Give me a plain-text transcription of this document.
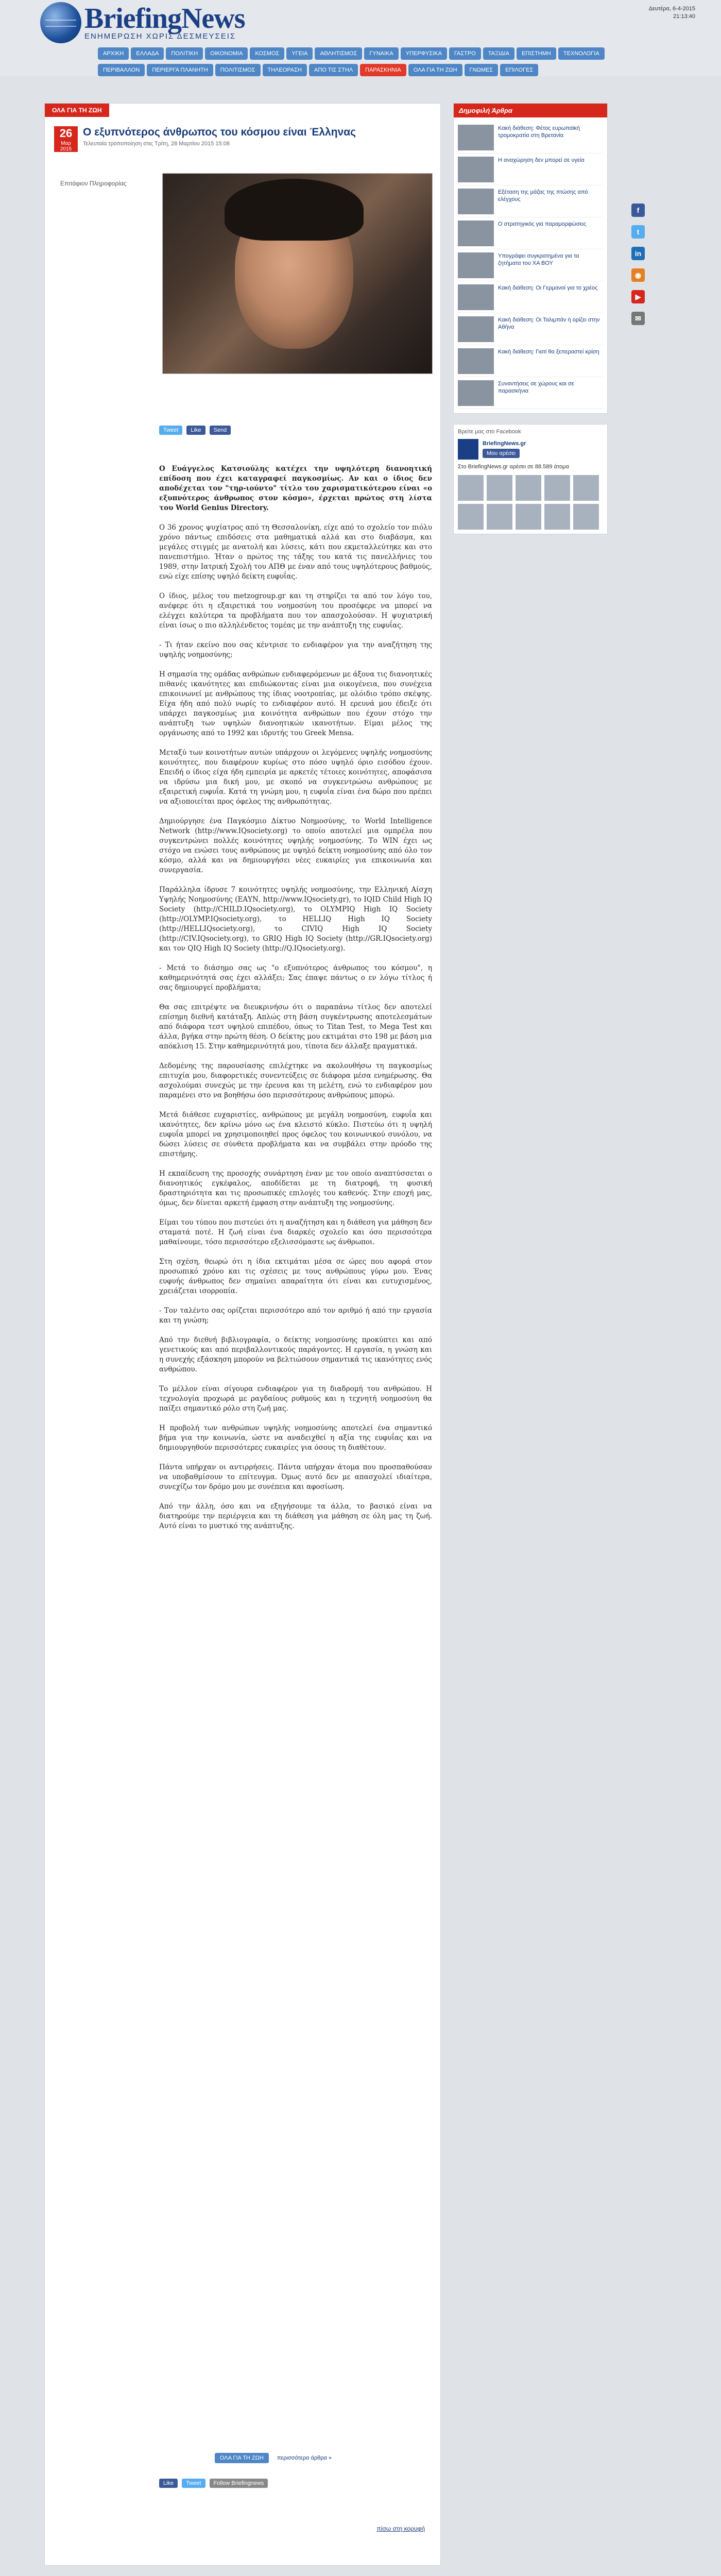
BriefingNews
ΕΝΗΜΕΡΩΣΗ ΧΩΡΙΣ ΔΕΣΜΕΥΣΕΙΣ
Δευτέρα, 6-4-2015
21:13:40
ΑΡΧΙΚΗ	ΕΛΛΑΔΑ	ΠΟΛΙΤΙΚΗ	ΟΙΚΟΝΟΜΙΑ	ΚΟΣΜΟΣ	ΥΓΕΙΑ	ΑΘΛΗΤΙΣΜΟΣ	ΓΥΝΑΙΚΑ	ΥΠΕΡΦΥΣΙΚΑ	ΓΑΣΤΡΟ	ΤΑΞΙΔΙΑ	ΕΠΙΣΤΗΜΗ	ΤΕΧΝΟΛΟΓΙΑ
ΠΕΡΙΒΑΛΛΟΝ	ΠΕΡΙΕΡΓΑ ΠΛΑΝΗΤΗ	ΠΟΛΙΤΙΣΜΟΣ	ΤΗΛΕΟΡΑΣΗ	ΑΠΟ ΤΙΣ ΣΤΗΛ	ΠΑΡΑΣΚΗΝΙΑ	ΟΛΑ ΓΙΑ ΤΗ ΖΩΗ	ΓΝΩΜΕΣ	ΕΠΙΛΟΓΕΣ
ΟΛΑ ΓΙΑ ΤΗ ΖΩΗ
26
Μαρ
2015
Ο εξυπνότερος άνθρωπος του κόσμου είναι Έλληνας
Τελευταία τροποποίηση στις Τρίτη, 28 Μαρτίου 2015 15:08
Επιτάφιον Πληροφορίας
Tweet	Like	Send

Ο Ευάγγελος Κατσιούλης κατέχει την υψηλότερη διανοητική επίδοση που έχει καταγραφεί παγκοσμίως. Αν και ο ίδιος δεν αποδέχεται τον "τηρ-ιούντο" τίτλο του χαρισματικότερου είναι «ο εξυπνότερος άνθρωπος στον κόσμο», έρχεται πρώτος στη λίστα του World Genius Directory.

Ο 36 χρονος ψυχίατρος από τη Θεσσαλονίκη, είχε από το σχολείο τον πιόλυ χρόνο πάντως επιδόσεις στα μαθηματικά αλλά και στο διαβάσμα, και μεγάλες στιγμές με ανατολή και λύσεις, κάτι που εκμεταλλεύτηκε και στο πανεπιστήμιο. Ήταν ο πρώτος της τάξης του κατά τις πανελλήνιες του 1989, στην Ιατρική Σχολή του ΑΠΘ με έναν από τους υψηλότερους βαθμούς, ενώ είχε επίσης υψηλό δείκτη ευφυΐας.

Ο ίδιος, μέλος του metzogroup.gr και τη στηρίζει τα από τον λόγο του, ανέφερε ότι η εξαιρετικά του νοημοσύνη του προσέφερε να μπορεί να ελέγχει καλύτερα τα προβλήματα που τον απασχολούσαν. Η ψυχιατρική είναι ίσως ο πιο αλληλένδετος τομέας με την ανάπτυξη της ευφυΐας.

- Τι ήταν εκείνο που σας κέντρισε το ενδιαφέρον για την αναζήτηση της υψηλής νοημοσύνης;

Η σημασία της ομάδας ανθρώπων ενδιαφερόμενων με άξονα τις διανοητικές πιθανές ικανότητες και επιδιώκοντας είναι μια οικογένεια, που συνέχεια επικοινωνεί με ανθρώπους της ίδιας νοοτροπίας, με ολόιδιο τρόπο σκέψης. Είχα ήδη από πολύ νωρίς το ενδιαφέρον αυτό. Η ερευνά μου έδειξε ότι υπάρχει παγκοσμίως μια κοινότητα ανθρώπων που έχουν στόχο την ανάπτυξη των υψηλών διανοητικών ικανοτήτων. Είμαι μέλος της οργάνωσης από το 1992 και ιδρυτής του Greek Mensa.

Μεταξύ των κοινοτήτων αυτών υπάρχουν οι λεγόμενες υψηλής νοημοσύνης κοινότητες, που διαφέρουν κυρίως στο πόσο υψηλό όριο εισόδου έχουν. Επειδή ο ίδιος είχα ήδη εμπειρία με αρκετές τέτοιες κοινότητες, αποφάσισα να ιδρύσω μια δική μου, με σκοπό να συγκεντρώσω ανθρώπους με εξαιρετική ευφυΐα. Κατά τη γνώμη μου, η ευφυΐα είναι ένα δώρο που πρέπει να αξιοποιείται προς όφελος της ανθρωπότητας.

Δημιούργησε ένα Παγκόσμιο Δίκτυο Νοημοσύνης, το World Intelligence Network (http://www.IQsociety.org) το οποίο αποτελεί μια ομπρέλα που συγκεντρώνει πολλές κοινότητες υψηλής νοημοσύνης. Το WIN έχει ως στόχο να ενώσει τους ανθρώπους με υψηλό δείκτη νοημοσύνης από όλο τον κόσμο, αλλά και να δημιουργήσει νέες ευκαιρίες για επικοινωνία και συνεργασία.

Παράλληλα ίδρυσε 7 κοινότητες υψηλής νοημοσύνης, την Ελληνική Αίσχη Υψηλής Νοημοσύνης (ΕΑΥΝ, http://www.IQsociety.gr), το IQID Child High IQ Society (http://CHILD.IQsociety.org), το OLYMPIQ High IQ Society (http://OLYMP.IQsociety.org), το HELLIQ High IQ Society (http://HELLIQsociety.org), το CIVIQ High IQ Society (http://CIV.IQsociety.org), το GRIQ High IQ Society (http://GR.IQsociety.org) και τον QIQ High IQ Society (http://Q.IQsociety.org).

- Μετά το διάσημο σας ως "ο εξυπνότερος άνθρωπος του κόσμου", η καθημερινότητά σας έχει αλλάξει; Σας έπαψε πάντως ο εν λόγω τίτλος ή σας δημιουργεί προβλήματα;

Θα σας επιτρέψτε να διευκρινήσω ότι ο παραπάνω τίτλος δεν αποτελεί επίσημη διεθνή κατάταξη. Απλώς στη βάση συγκέντρωσης αποτελεσμάτων από διάφορα τεστ υψηλού επιπέδου, όπως το Titan Test, το Mega Test και άλλα, βγήκα στην πρώτη θέση. Ο δείκτης μου εκτιμάται στο 198 με βάση μια απόκλιση 15. Στην καθημερινότητά μου, τίποτα δεν άλλαξε πραγματικά.

Δεδομένης της παρουσίασης επιλέχτηκε να ακολουθήσω τη παγκοσμίως επιτυχία μου, διαφορετικές συνεντεύξεις σε διάφορα μέσα ενημέρωσης. Θα ασχολούμαι συνεχώς με την έρευνα και τη μελέτη, ενώ το ενδιαφέρον μου παραμένει στο να βοηθήσω όσο περισσότερους ανθρώπους μπορώ.

Μετά διάθεσε ευχαριστίες, ανθρώπους με μεγάλη νοημοσύνη, ευφυΐα και ικανότητες, δεν κρίνω μόνο ως ένα κλειστό κύκλο. Πιστεύω ότι η υψηλή ευφυΐα μπορεί να χρησιμοποιηθεί προς όφελος του κοινωνικού συνόλου, να δώσει λύσεις σε σύνθετα προβλήματα και να συμβάλει στην πρόοδο της επιστήμης.

Η εκπαίδευση της προσοχής συνάρτηση έναν με τον οποίο αναπτύσσεται ο διανοητικός εγκέφαλος, αποδίδεται με τη διατροφή, τη φυσική δραστηριότητα και τις προσωπικές επιλογές του καθενός. Στην εποχή μας, όμως, δεν δίνεται αρκετή έμφαση στην ανάπτυξη της νοημοσύνης.

Είμαι του τύπου που πιστεύει ότι η αναζήτηση και η διάθεση για μάθηση δεν σταματά ποτέ. Η ζωή είναι ένα διαρκές σχολείο και όσο περισσότερα μαθαίνουμε, τόσο περισσότερο εξελισσόμαστε ως άνθρωποι.

Στη σχέση, θεωρώ ότι η ίδια εκτιμάται μέσα σε ώρες που αφορά στον προσωπικό χρόνο και τις σχέσεις με τους ανθρώπους γύρω μου. Ένας ευφυής άνθρωπος δεν σημαίνει απαραίτητα ότι είναι και ευτυχισμένος, χρειάζεται ισορροπία.

- Τον ταλέντο σας ορίζεται περισσότερο από τον αριθμό ή από την εργασία και τη γνώση;

Από την διεθνή βιβλιογραφία, ο δείκτης νοημοσύνης προκύπτει και από γενετικούς και από περιβαλλοντικούς παράγοντες. Η εργασία, η γνώση και η συνεχής εξάσκηση μπορούν να βελτιώσουν σημαντικά τις ικανότητες ενός ανθρώπου.

Το μέλλον είναι σίγουρα ενδιαφέρον για τη διαδρομή του ανθρώπου. Η τεχνολογία προχωρά με ραγδαίους ρυθμούς και η τεχνητή νοημοσύνη θα παίξει σημαντικό ρόλο στη ζωή μας.

Η προβολή των ανθρώπων υψηλής νοημοσύνης αποτελεί ένα σημαντικό βήμα για την κοινωνία, ώστε να αναδειχθεί η αξία της ευφυΐας και να δημιουργηθούν περισσότερες ευκαιρίες για όσους τη διαθέτουν.

Πάντα υπήρχαν οι αντιρρήσεις. Πάντα υπήρχαν άτομα που προσπαθούσαν να υποβαθμίσουν το επίτευγμα. Όμως αυτό δεν με απασχολεί ιδιαίτερα, συνεχίζω τον δρόμο μου με συνέπεια και αφοσίωση.

Από την άλλη, όσο και να εξηγήσουμε τα άλλα, το βασικό είναι να διατηρούμε την περιέργεια και τη διάθεση για μάθηση σε όλη μας τη ζωή. Αυτό είναι το μυστικό της ανάπτυξης.

ΟΛΑ ΓΙΑ ΤΗ ΖΩΗ	περισσότερα άρθρα »
Like	Tweet	Follow Briefingnews
πίσω στη κορυφή
Δημοφιλή Άρθρα
Κακή διάθεση: Φέτος ευρωπαϊκή τρομοκρατία στη Βρετανία
Η αναχώρηση δεν μπορεί σε υγεία
Εξέταση της μάζας της πτώσης από ελέγχους
Ο στρατηγικός για παραμορφώσεις
Υπογράφει συγκρατημένα για τα ζητήματα του ΧΑ ΒΟΥ
Κακή διάθεση: Οι Γερμανοί για το χρέος
Κακή διάθεση: Οι Ταλιμπάν ή ορίζει στην Αθήνα
Κακή διάθεση: Γιατί θα ξεπεραστεί κρίση
Συναντήσεις σε χώρους και σε παρασκήνια
Βρείτε μας στο Facebook
BriefingNews.gr
Μου αρέσει
Στο BriefingNews.gr αρέσει σε 88.589 άτομα
f
t
in
◉
▶
✉
